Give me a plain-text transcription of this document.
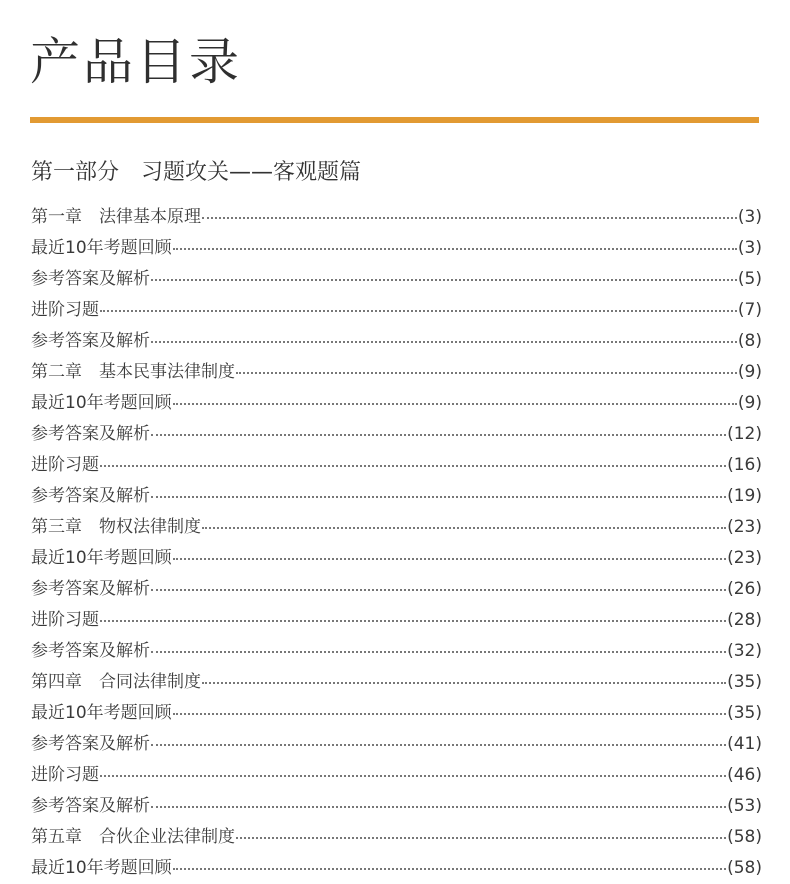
产品目录
第一部分　习题攻关——客观题篇
第一章　法律基本原理	(3)
最近10年考题回顾	(3)
参考答案及解析	(5)
进阶习题	(7)
参考答案及解析	(8)
第二章　基本民事法律制度	(9)
最近10年考题回顾	(9)
参考答案及解析	(12)
进阶习题	(16)
参考答案及解析	(19)
第三章　物权法律制度	(23)
最近10年考题回顾	(23)
参考答案及解析	(26)
进阶习题	(28)
参考答案及解析	(32)
第四章　合同法律制度	(35)
最近10年考题回顾	(35)
参考答案及解析	(41)
进阶习题	(46)
参考答案及解析	(53)
第五章　合伙企业法律制度	(58)
最近10年考题回顾	(58)
